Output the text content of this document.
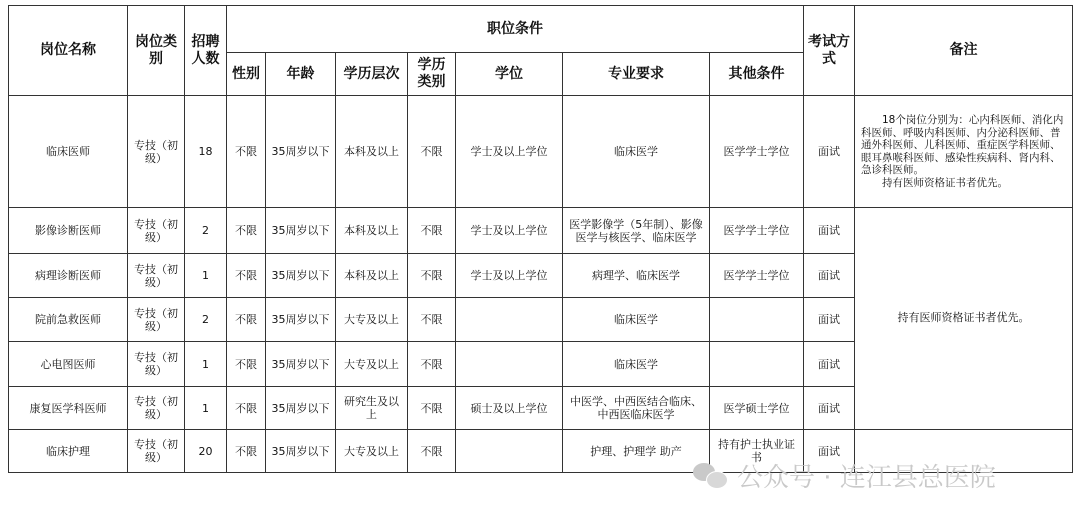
岗位名称	岗位类别	招聘人数	职位条件							考试方式	备注
			性别	年龄	学历层次	学历类别	学位	专业要求	其他条件		
临床医师	专技（初级）	18	不限	35周岁以下	本科及以上	不限	学士及以上学位	临床医学	医学学士学位	面试	18个岗位分别为：心内科医师、消化内科医师、呼吸内科医师、内分泌科医师、普通外科医师、儿科医师、重症医学科医师、眼耳鼻喉科医师、感染性疾病科、肾内科、急诊科医师。

持有医师资格证书者优先。

影像诊断医师	专技（初级）	2	不限	35周岁以下	本科及以上	不限	学士及以上学位	医学影像学（5年制）、影像医学与核医学、临床医学	医学学士学位	面试	持有医师资格证书者优先。
病理诊断医师	专技（初级）	1	不限	35周岁以下	本科及以上	不限	学士及以上学位	病理学、临床医学	医学学士学位	面试	
院前急救医师	专技（初级）	2	不限	35周岁以下	大专及以上	不限		临床医学		面试	
心电图医师	专技（初级）	1	不限	35周岁以下	大专及以上	不限		临床医学		面试	
康复医学科医师	专技（初级）	1	不限	35周岁以下	研究生及以上	不限	硕士及以上学位	中医学、中西医结合临床、中西医临床医学	医学硕士学位	面试	
临床护理	专技（初级）	20	不限	35周岁以下	大专及以上	不限		护理、护理学 助产	持有护士执业证书	面试	
公众号 · 连江县总医院
